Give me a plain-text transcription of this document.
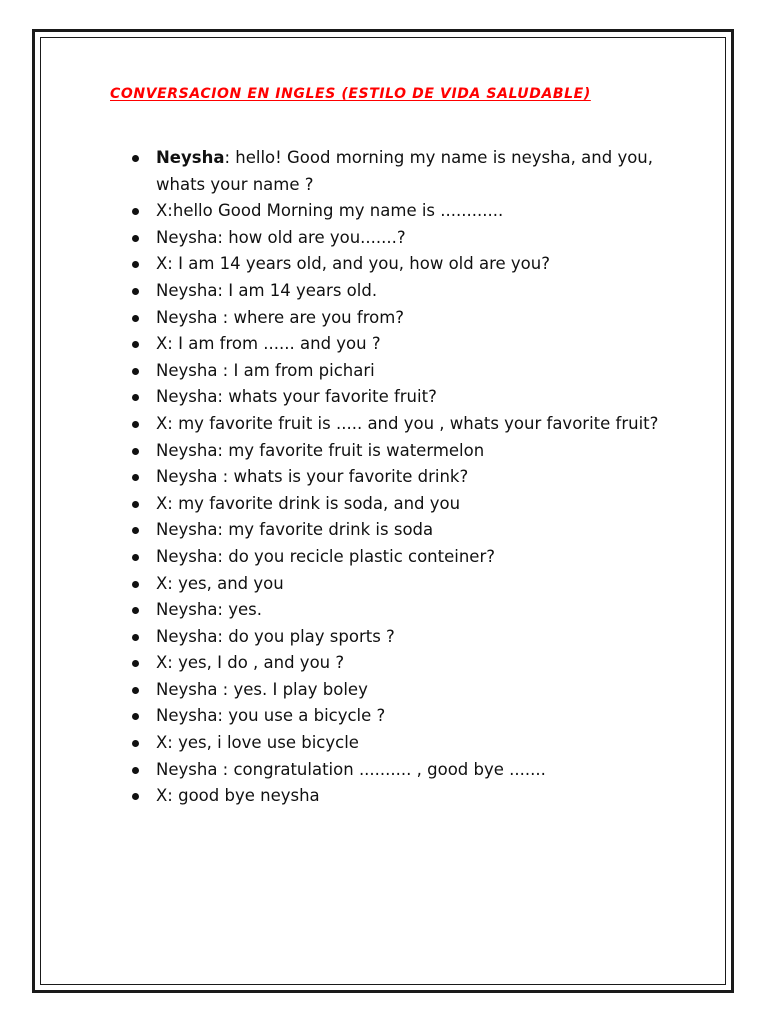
CONVERSACION EN INGLES (ESTILO DE VIDA SALUDABLE)
Neysha: hello! Good morning my name is neysha, and you, whats your name ?
X:hello Good Morning my name is ............
Neysha: how old are you.......?
X: I am 14 years old, and you, how old are you?
Neysha: I am 14 years old.
Neysha : where are you from?
X: I am from ...... and you ?
Neysha : I am from pichari
Neysha: whats your favorite fruit?
X: my favorite fruit is ..... and you , whats your favorite fruit?
Neysha: my favorite fruit is watermelon
Neysha : whats is your favorite drink?
X: my favorite drink is soda, and you
Neysha: my favorite drink is soda
Neysha: do you recicle plastic conteiner?
X: yes, and you
Neysha: yes.
Neysha: do you play sports ?
X: yes, I do , and you ?
Neysha : yes. I play boley
Neysha: you use a bicycle ?
X: yes, i love use bicycle
Neysha : congratulation .......... , good bye .......
X: good bye neysha
